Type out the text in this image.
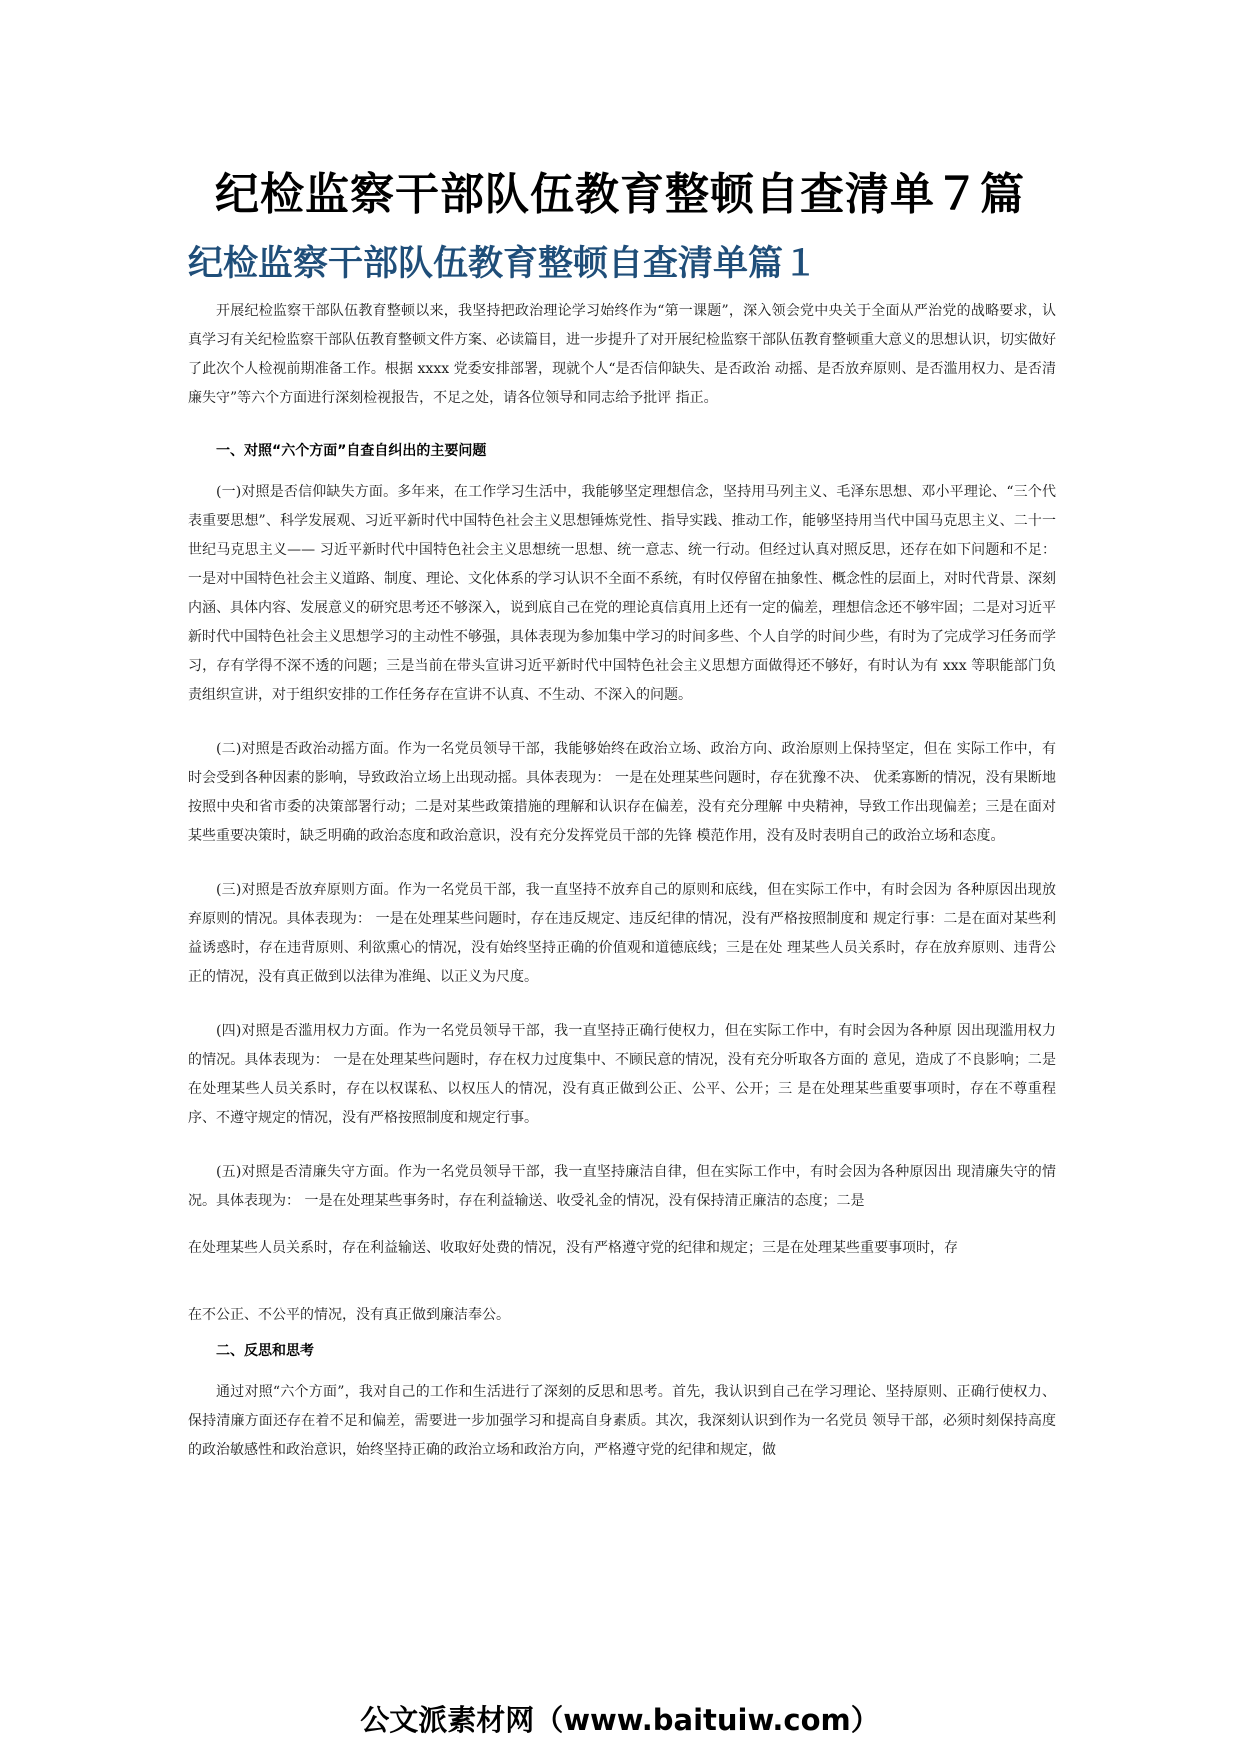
纪检监察干部队伍教育整顿自查清单７篇
纪检监察干部队伍教育整顿自查清单篇１

开展纪检监察干部队伍教育整顿以来，我坚持把政治理论学习始终作为“第一课题”，深入领会党中央关于全面从严治党的战略要求，认真学习有关纪检监察干部队伍教育整顿文件方案、必读篇目，进一步提升了对开展纪检监察干部队伍教育整顿重大意义的思想认识，切实做好了此次个人检视前期准备工作。根据 xxxx 党委安排部署，现就个人“是否信仰缺失、是否政治 动摇、是否放弃原则、是否滥用权力、是否清廉失守”等六个方面进行深刻检视报告，不足之处，请各位领导和同志给予批评 指正。

一、对照“六个方面”自查自纠出的主要问题

(一)对照是否信仰缺失方面。多年来，在工作学习生活中，我能够坚定理想信念，坚持用马列主义、毛泽东思想、邓小平理论、“三个代表重要思想”、科学发展观、习近平新时代中国特色社会主义思想锤炼党性、指导实践、推动工作，能够坚持用当代中国马克思主义、二十一世纪马克思主义—— 习近平新时代中国特色社会主义思想统一思想、统一意志、统一行动。但经过认真对照反思，还存在如下问题和不足： 一是对中国特色社会主义道路、制度、理论、文化体系的学习认识不全面不系统，有时仅停留在抽象性、概念性的层面上，对时代背景、深刻内涵、具体内容、发展意义的研究思考还不够深入，说到底自己在党的理论真信真用上还有一定的偏差，理想信念还不够牢固；二是对习近平新时代中国特色社会主义思想学习的主动性不够强，具体表现为参加集中学习的时间多些、个人自学的时间少些，有时为了完成学习任务而学习，存有学得不深不透的问题；三是当前在带头宣讲习近平新时代中国特色社会主义思想方面做得还不够好，有时认为有 xxx 等职能部门负责组织宣讲，对于组织安排的工作任务存在宣讲不认真、不生动、不深入的问题。

(二)对照是否政治动摇方面。作为一名党员领导干部，我能够始终在政治立场、政治方向、政治原则上保持坚定，但在 实际工作中，有时会受到各种因素的影响，导致政治立场上出现动摇。具体表现为： 一是在处理某些问题时，存在犹豫不决、 优柔寡断的情况，没有果断地按照中央和省市委的决策部署行动；二是对某些政策措施的理解和认识存在偏差，没有充分理解 中央精神，导致工作出现偏差；三是在面对某些重要决策时，缺乏明确的政治态度和政治意识，没有充分发挥党员干部的先锋 模范作用，没有及时表明自己的政治立场和态度。

(三)对照是否放弃原则方面。作为一名党员干部，我一直坚持不放弃自己的原则和底线，但在实际工作中，有时会因为 各种原因出现放弃原则的情况。具体表现为： 一是在处理某些问题时，存在违反规定、违反纪律的情况，没有严格按照制度和 规定行事：二是在面对某些利益诱惑时，存在违背原则、利欲熏心的情况，没有始终坚持正确的价值观和道德底线；三是在处 理某些人员关系时，存在放弃原则、违背公正的情况，没有真正做到以法律为准绳、以正义为尺度。

(四)对照是否滥用权力方面。作为一名党员领导干部，我一直坚持正确行使权力，但在实际工作中，有时会因为各种原 因出现滥用权力的情况。具体表现为： 一是在处理某些问题时，存在权力过度集中、不顾民意的情况，没有充分听取各方面的 意见，造成了不良影响；二是在处理某些人员关系时，存在以权谋私、以权压人的情况，没有真正做到公正、公平、公开；三 是在处理某些重要事项时，存在不尊重程序、不遵守规定的情况，没有严格按照制度和规定行事。

(五)对照是否清廉失守方面。作为一名党员领导干部，我一直坚持廉洁自律，但在实际工作中，有时会因为各种原因出 现清廉失守的情况。具体表现为： 一是在处理某些事务时，存在利益输送、收受礼金的情况，没有保持清正廉洁的态度；二是

在处理某些人员关系时，存在利益输送、收取好处费的情况，没有严格遵守党的纪律和规定；三是在处理某些重要事项时，存

在不公正、不公平的情况，没有真正做到廉洁奉公。

二、反思和思考

通过对照“六个方面”，我对自己的工作和生活进行了深刻的反思和思考。首先，我认识到自己在学习理论、坚持原则、正确行使权力、保持清廉方面还存在着不足和偏差，需要进一步加强学习和提高自身素质。其次，我深刻认识到作为一名党员 领导干部，必须时刻保持高度的政治敏感性和政治意识，始终坚持正确的政治立场和政治方向，严格遵守党的纪律和规定，做

公文派素材网（www.baituiw.com）
